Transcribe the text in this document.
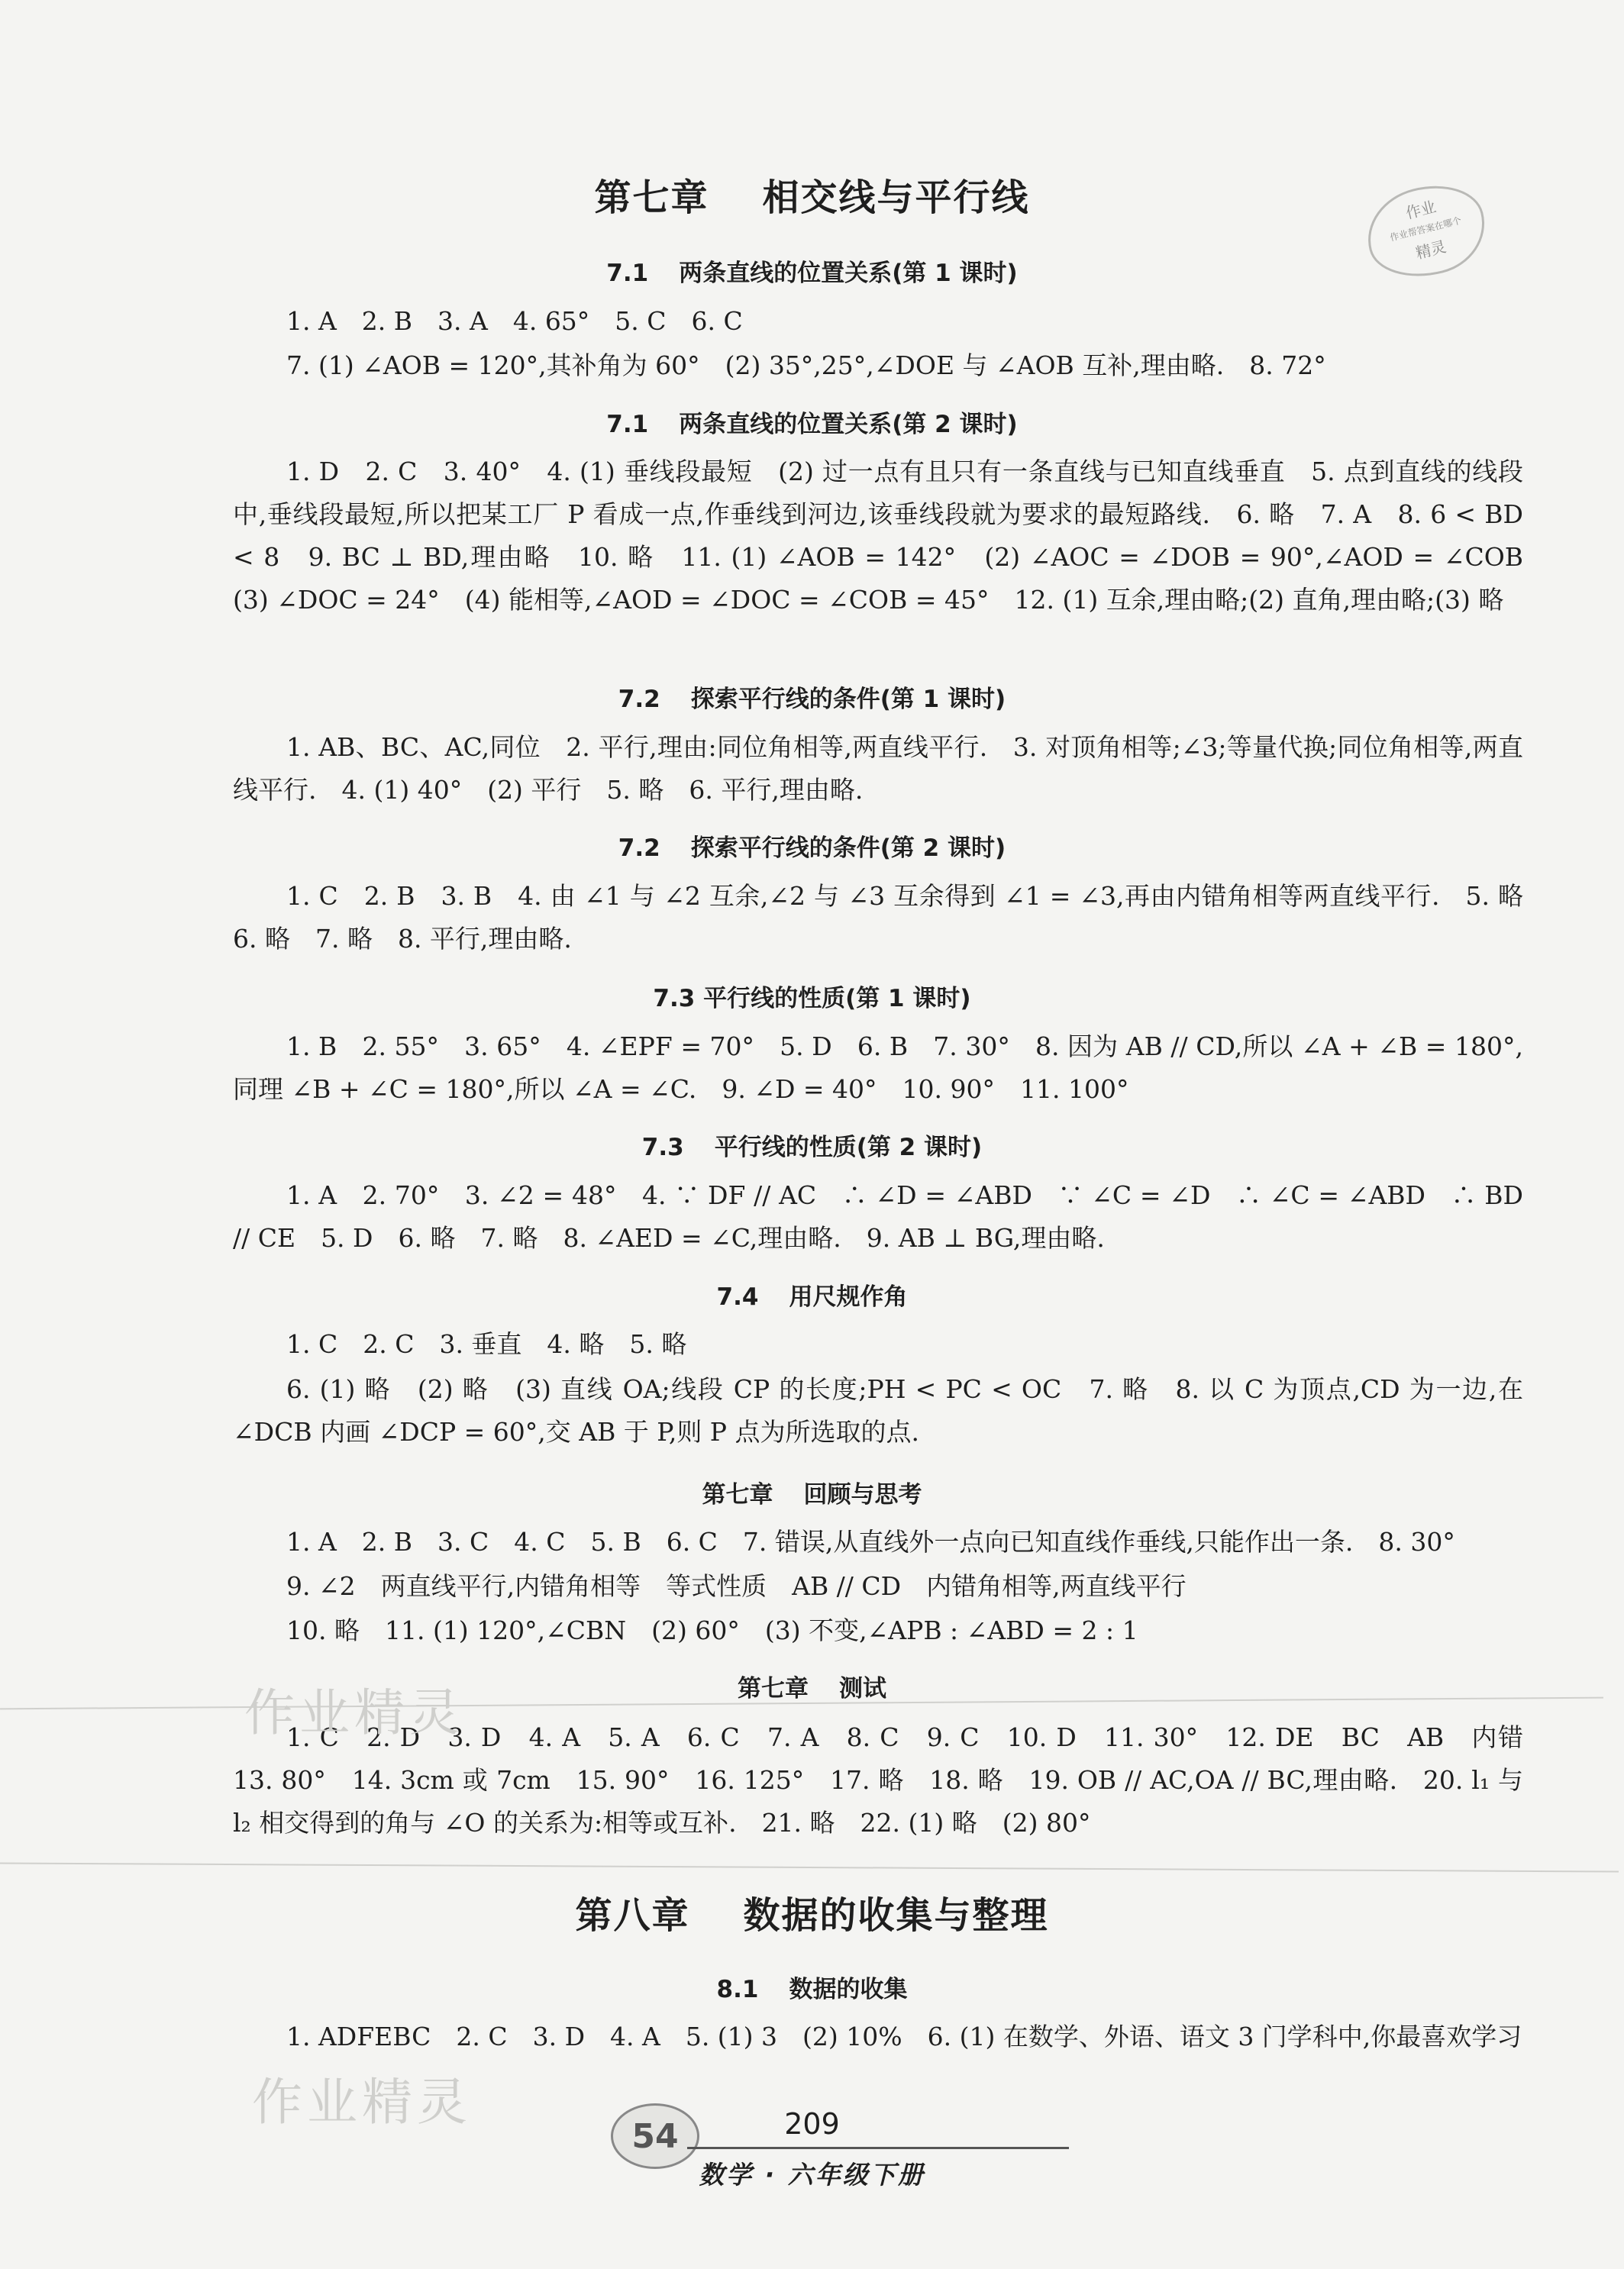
第七章 相交线与平行线	作业
作业帮答案在哪个
精灵
7.1 两条直线的位置关系(第 1 课时)
1. A　2. B　3. A　4. 65°　5. C　6. C
7. (1) ∠AOB = 120°,其补角为 60°　(2) 35°,25°,∠DOE 与 ∠AOB 互补,理由略.　8. 72°
7.1 两条直线的位置关系(第 2 课时)
1. D　2. C　3. 40°　4. (1) 垂线段最短　(2) 过一点有且只有一条直线与已知直线垂直　5. 点到直线的线段中,垂线段最短,所以把某工厂 P 看成一点,作垂线到河边,该垂线段就为要求的最短路线.　6. 略　7. A　8. 6 < BD < 8　9. BC ⊥ BD,理由略　10. 略　11. (1) ∠AOB = 142°　(2) ∠AOC = ∠DOB = 90°,∠AOD = ∠COB　(3) ∠DOC = 24°　(4) 能相等,∠AOD = ∠DOC = ∠COB = 45°　12. (1) 互余,理由略;(2) 直角,理由略;(3) 略
7.2 探索平行线的条件(第 1 课时)
1. AB、BC、AC,同位　2. 平行,理由:同位角相等,两直线平行.　3. 对顶角相等;∠3;等量代换;同位角相等,两直线平行.　4. (1) 40°　(2) 平行　5. 略　6. 平行,理由略.
7.2 探索平行线的条件(第 2 课时)
1. C　2. B　3. B　4. 由 ∠1 与 ∠2 互余,∠2 与 ∠3 互余得到 ∠1 = ∠3,再由内错角相等两直线平行.　5. 略　6. 略　7. 略　8. 平行,理由略.
7.3 平行线的性质(第 1 课时)
1. B　2. 55°　3. 65°　4. ∠EPF = 70°　5. D　6. B　7. 30°　8. 因为 AB // CD,所以 ∠A + ∠B = 180°,同理 ∠B + ∠C = 180°,所以 ∠A = ∠C.　9. ∠D = 40°　10. 90°　11. 100°
7.3 平行线的性质(第 2 课时)
1. A　2. 70°　3. ∠2 = 48°　4. ∵ DF // AC　∴ ∠D = ∠ABD　∵ ∠C = ∠D　∴ ∠C = ∠ABD　∴ BD // CE　5. D　6. 略　7. 略　8. ∠AED = ∠C,理由略.　9. AB ⊥ BG,理由略.
7.4 用尺规作角
1. C　2. C　3. 垂直　4. 略　5. 略
6. (1) 略　(2) 略　(3) 直线 OA;线段 CP 的长度;PH < PC < OC　7. 略　8. 以 C 为顶点,CD 为一边,在 ∠DCB 内画 ∠DCP = 60°,交 AB 于 P,则 P 点为所选取的点.
第七章 回顾与思考
1. A　2. B　3. C　4. C　5. B　6. C　7. 错误,从直线外一点向已知直线作垂线,只能作出一条.　8. 30°
9. ∠2　两直线平行,内错角相等　等式性质　AB // CD　内错角相等,两直线平行
10. 略　11. (1) 120°,∠CBN　(2) 60°　(3) 不变,∠APB : ∠ABD = 2 : 1
第七章 测试
1. C　2. D　3. D　4. A　5. A　6. C　7. A　8. C　9. C　10. D　11. 30°　12. DE　BC　AB　内错　13. 80°　14. 3cm 或 7cm　15. 90°　16. 125°　17. 略　18. 略　19. OB // AC,OA // BC,理由略.　20. l₁ 与 l₂ 相交得到的角与 ∠O 的关系为:相等或互补.　21. 略　22. (1) 略　(2) 80°
作业精灵
第八章 数据的收集与整理
8.1 数据的收集
1. ADFEBC　2. C　3. D　4. A　5. (1) 3　(2) 10%　6. (1) 在数学、外语、语文 3 门学科中,你最喜欢学习
作业精灵
54	209
数学 · 六年级下册
